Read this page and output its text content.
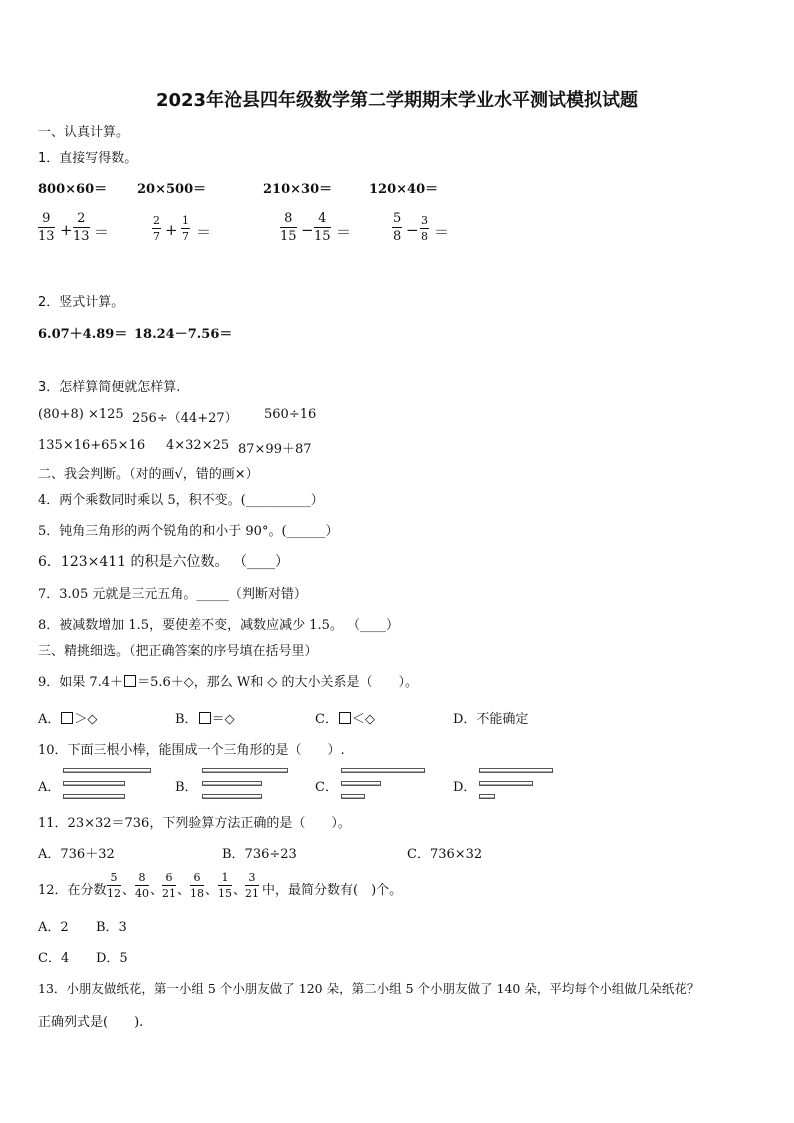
2023年沧县四年级数学第二学期期末学业水平测试模拟试题
一、认真计算。
1．直接写得数。
800×60＝ 20×500＝	210×30＝	120×40＝
$\frac{9}{13} + \frac{2}{13}$ ＝	$\frac{2}{7} + \frac{1}{7}$ ＝	$\frac{8}{15} - \frac{4}{15}$ ＝	$\frac{5}{8} - \frac{3}{8}$ ＝
2．竖式计算。
6.07＋4.89＝ 18.24－7.56＝
3．怎样算简便就怎样算.
(80+8) ×125 256÷（44+27） 560÷16
135×16+65×16 4×32×25 87×99＋87
二、我会判断。（对的画√，错的画×）
4．两个乘数同时乘以 5，积不变。(__________）
5．钝角三角形的两个锐角的和小于 90°。(______）
6．123×411 的积是六位数。 （____）
7．3.05 元就是三元五角。_____（判断对错）
8．被减数增加 1.5，要使差不变，减数应减少 1.5。 （____）
三、精挑细选。（把正确答案的序号填在括号里）
9．如果 7.4＋ ＝5.6＋◇，那么 W和 ◇ 的大小关系是（　　）。
A． ＞◇	B． ＝◇	C． ＜◇	D．不能确定
10．下面三根小棒，能围成一个三角形的是（　　）.
A．	B．	C．	D．
11．23×32＝736，下列验算方法正确的是（　　）。
A．736＋32	B．736÷23	C．736×32
12．在分数 $\frac{5}{12}$ 、 $\frac{8}{40}$ 、
$\frac{6}{21}$ 、 $\frac{6}{18}$ 、 $\frac{1}{15}$ 、
$\frac{3}{21}$ 中，最简分数有(　)个。
A．2 B．3
C．4 D．5
13．小朋友做纸花，第一小组 5 个小朋友做了 120 朵，第二小组 5 个小朋友做了 140 朵，平均每个小组做几朵纸花？
正确列式是(　　).
